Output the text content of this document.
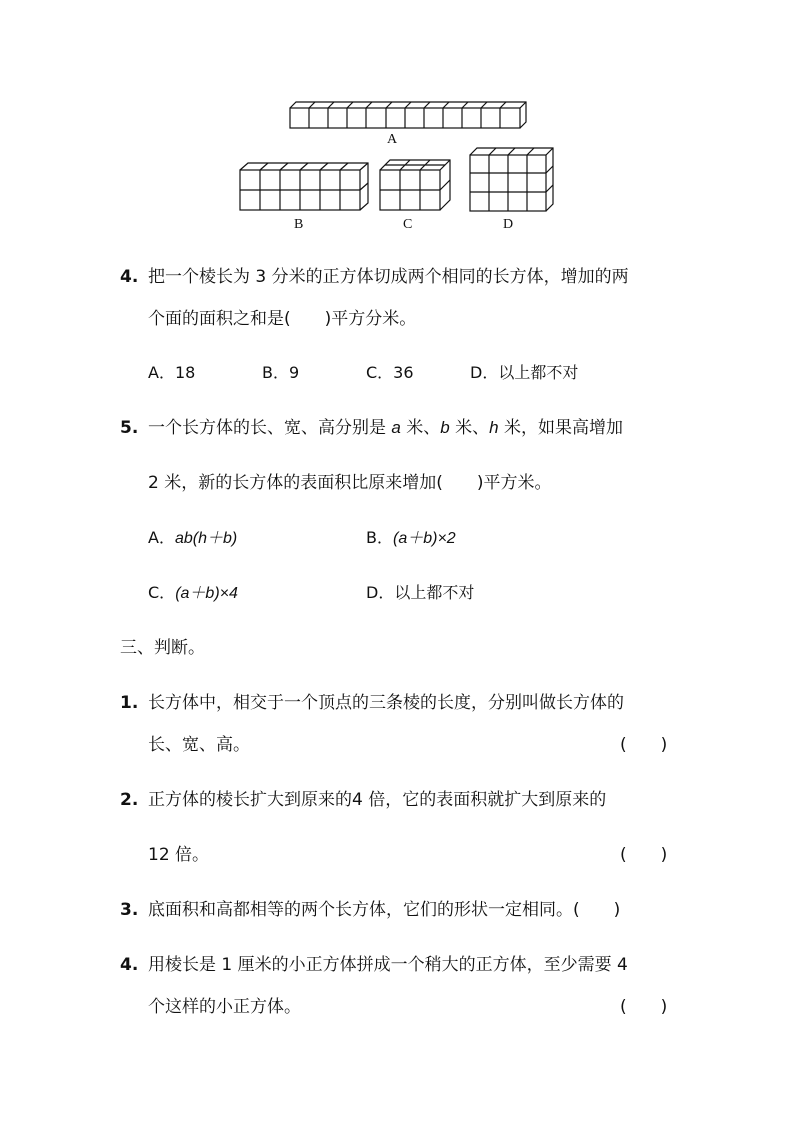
A
B	C	D
4. 把一个棱长为 3 分米的正方体切成两个相同的长方体，增加的两
个面的面积之和是(　　)平方分米。
A．18	B．9	C．36	D．以上都不对
5. 一个长方体的长、宽、高分别是 a 米、b 米、h 米，如果高增加
2 米，新的长方体的表面积比原来增加(　　)平方米。
A．ab(h＋b)	B．(a＋b)×2
C．(a＋b)×4	D．以上都不对
三、判断。
1. 长方体中，相交于一个顶点的三条棱的长度，分别叫做长方体的
长、宽、高。	(　　)
2. 正方体的棱长扩大到原来的4 倍，它的表面积就扩大到原来的
12 倍。	(　　)
3. 底面积和高都相等的两个长方体，它们的形状一定相同。(　　)
4. 用棱长是 1 厘米的小正方体拼成一个稍大的正方体，至少需要 4
个这样的小正方体。	(　　)
